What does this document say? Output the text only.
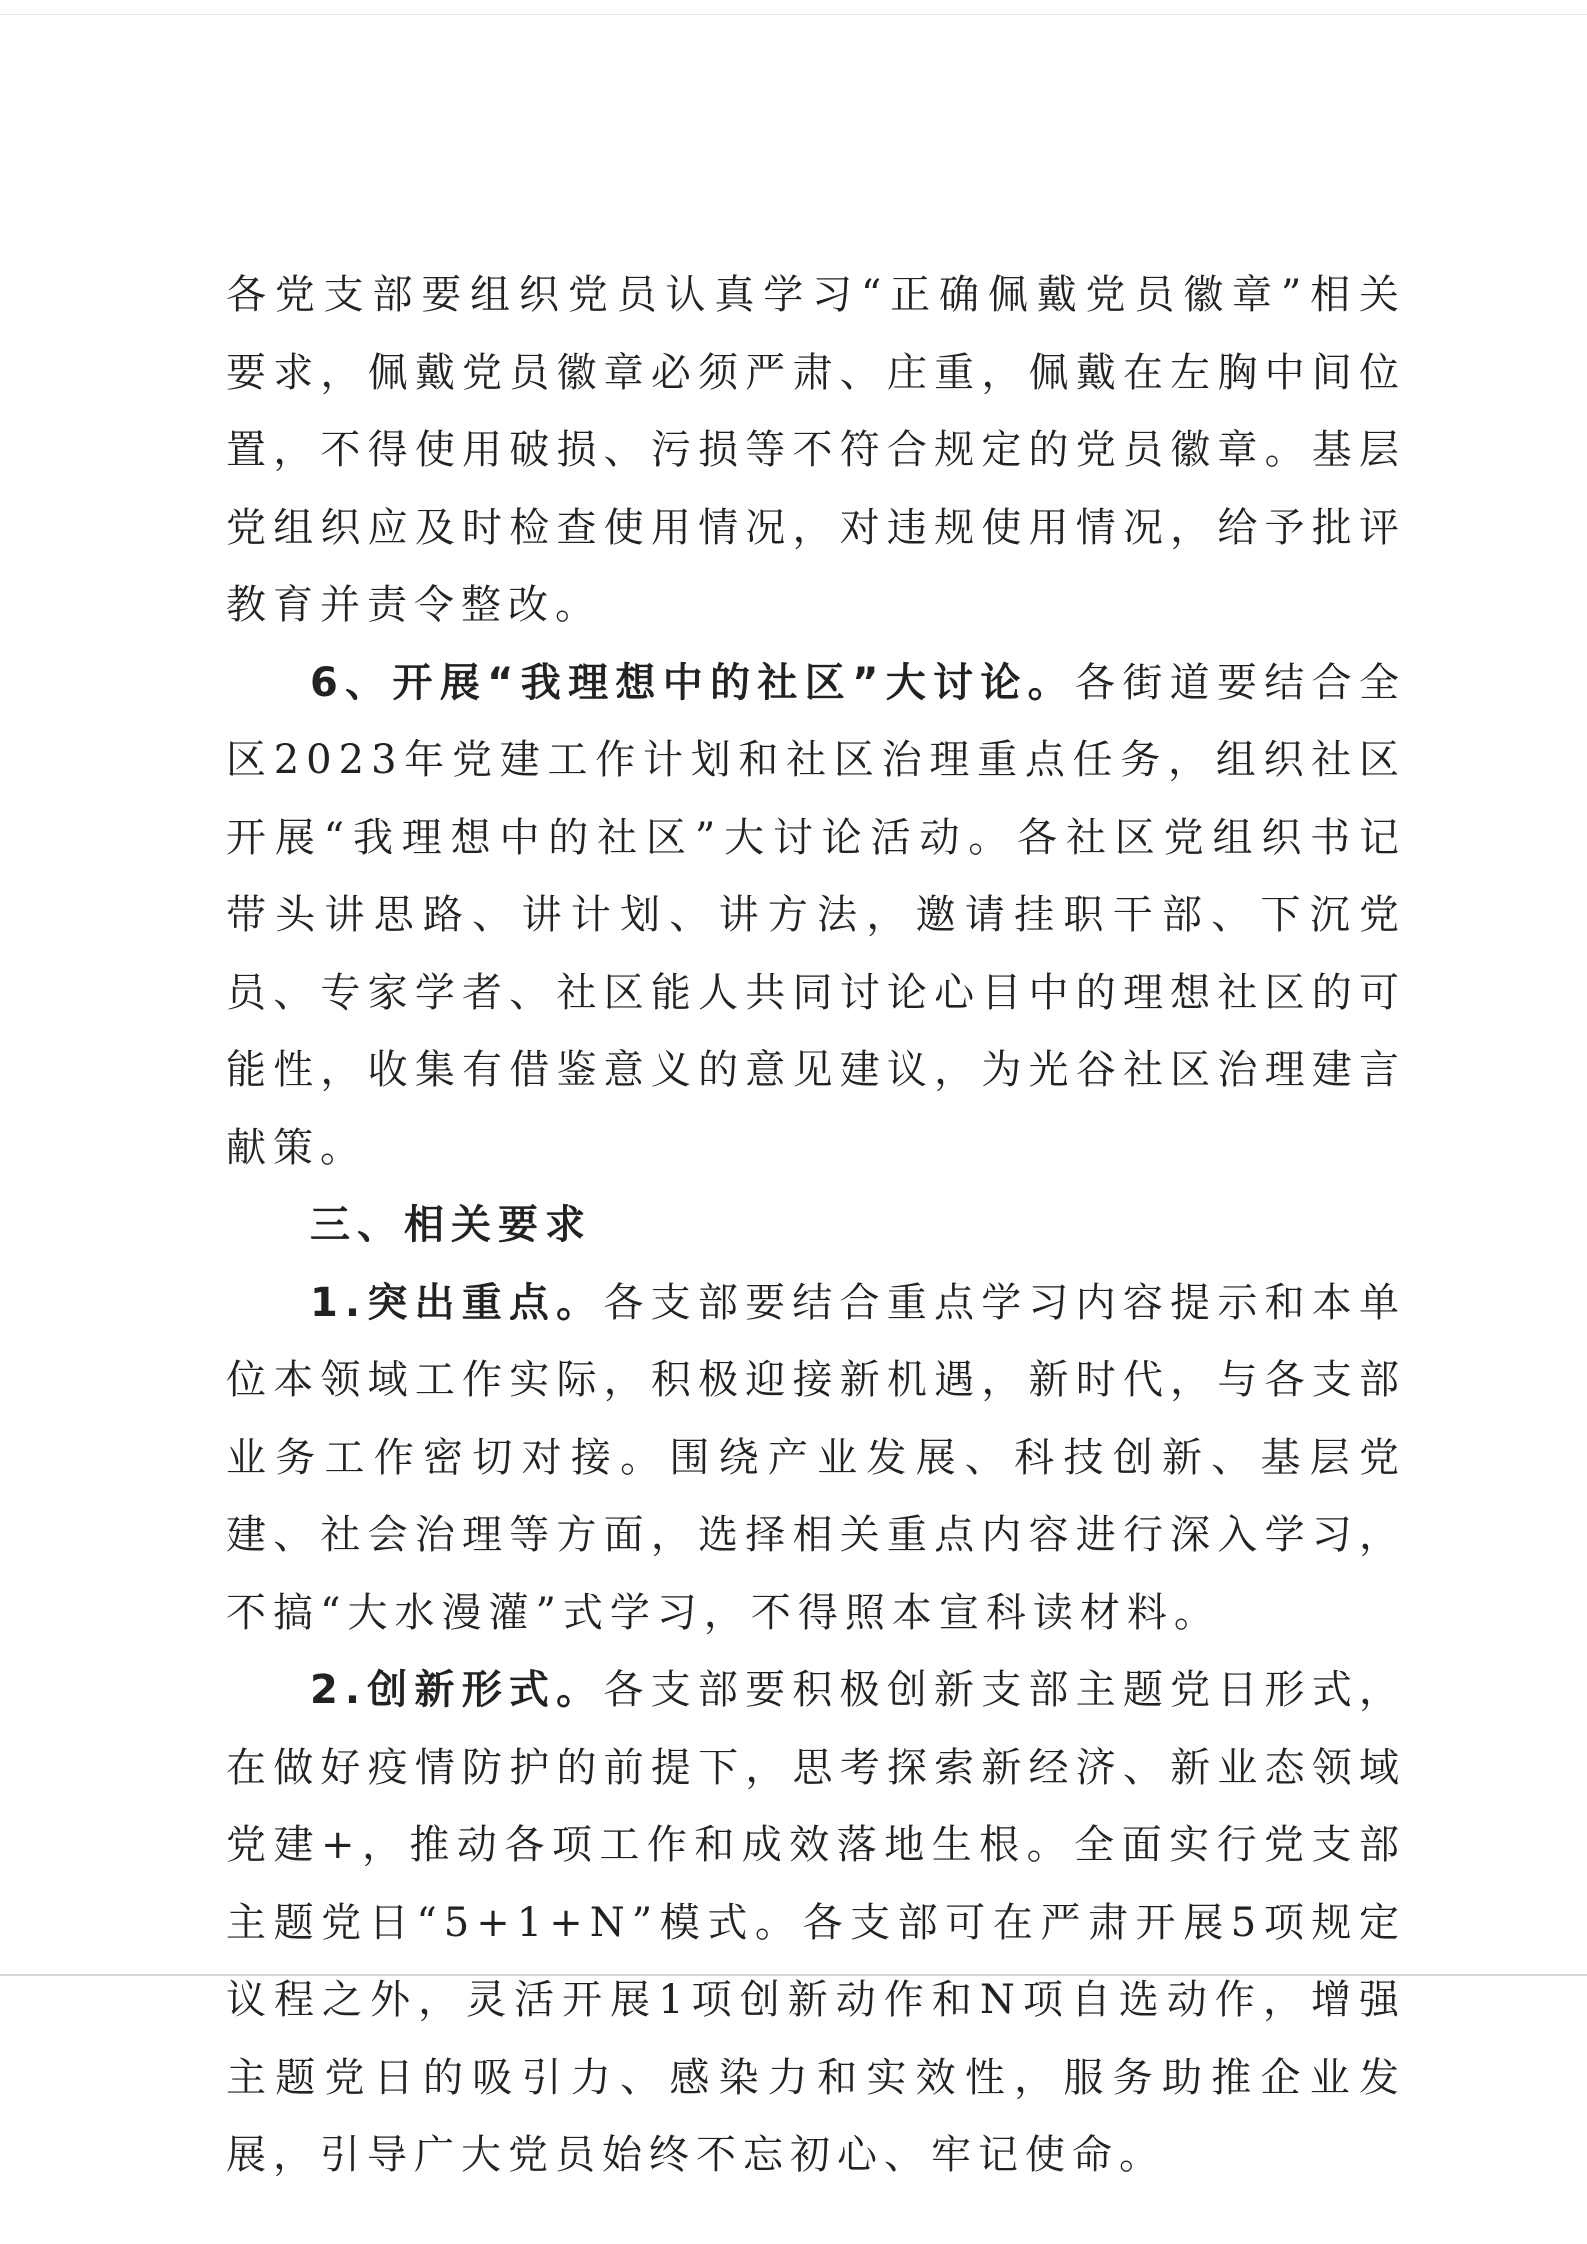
各党支部要组织党员认真学习“正确佩戴党员徽章”相关要求，佩戴党员徽章必须严肃、庄重，佩戴在左胸中间位置，不得使用破损、污损等不符合规定的党员徽章。基层党组织应及时检查使用情况，对违规使用情况，给予批评教育并责令整改。

6、开展“我理想中的社区”大讨论。各街道要结合全区2023年党建工作计划和社区治理重点任务，组织社区开展“我理想中的社区”大讨论活动。各社区党组织书记带头讲思路、讲计划、讲方法，邀请挂职干部、下沉党员、专家学者、社区能人共同讨论心目中的理想社区的可能性，收集有借鉴意义的意见建议，为光谷社区治理建言献策。

三、相关要求

1.突出重点。各支部要结合重点学习内容提示和本单位本领域工作实际，积极迎接新机遇，新时代，与各支部业务工作密切对接。围绕产业发展、科技创新、基层党建、社会治理等方面，选择相关重点内容进行深入学习，不搞“大水漫灌”式学习，不得照本宣科读材料。

2.创新形式。各支部要积极创新支部主题党日形式，在做好疫情防护的前提下，思考探索新经济、新业态领域党建+，推动各项工作和成效落地生根。全面实行党支部主题党日“5+1+N”模式。各支部可在严肃开展5项规定议程之外，灵活开展1项创新动作和N项自选动作，增强主题党日的吸引力、感染力和实效性，服务助推企业发展，引导广大党员始终不忘初心、牢记使命。
